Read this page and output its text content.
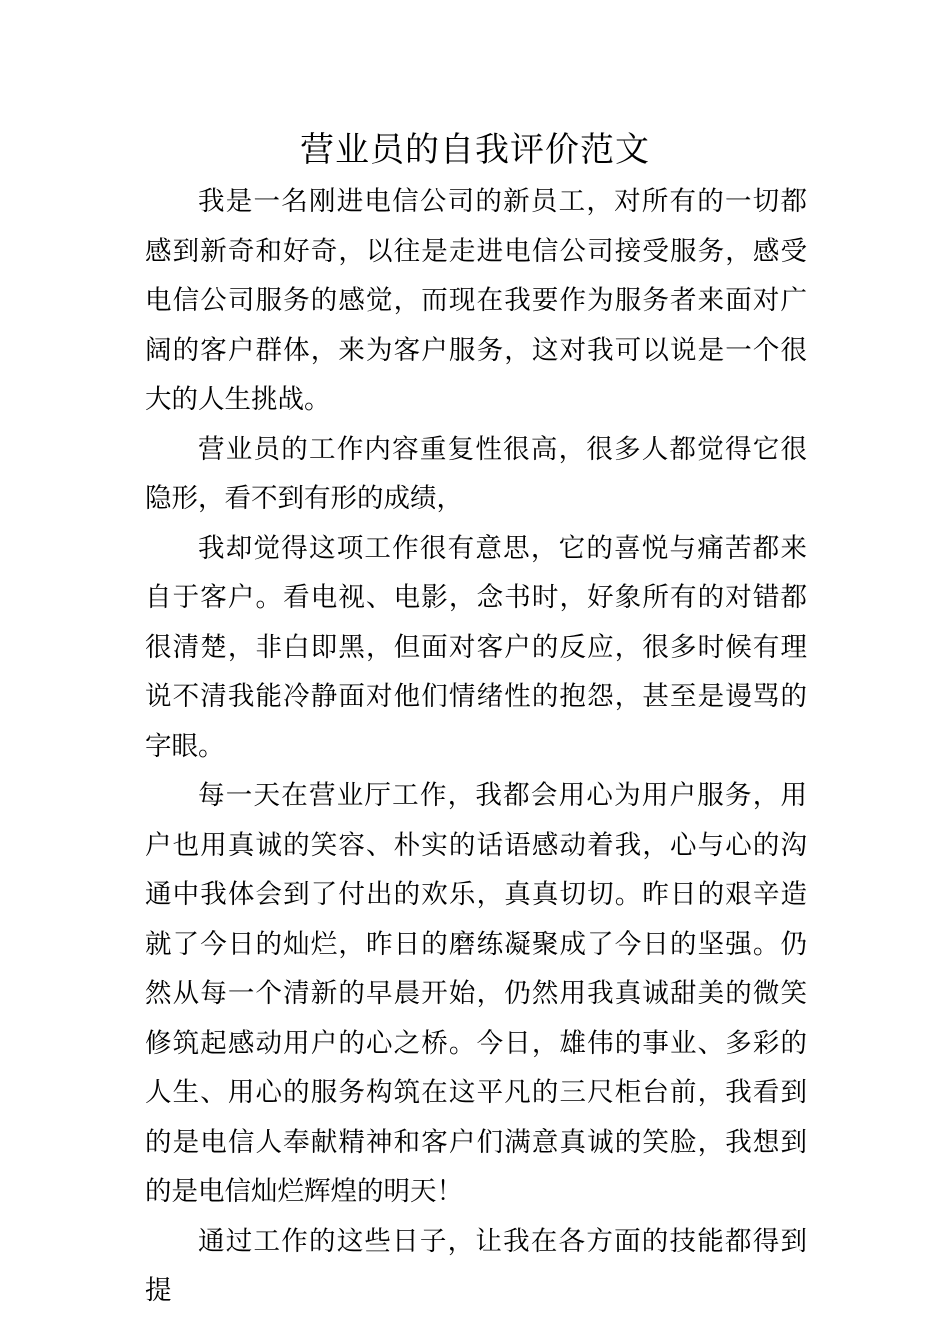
营业员的自我评价范文

我是一名刚进电信公司的新员工，对所有的一切都感到新奇和好奇，以往是走进电信公司接受服务，感受电信公司服务的感觉，而现在我要作为服务者来面对广阔的客户群体，来为客户服务，这对我可以说是一个很大的人生挑战。

营业员的工作内容重复性很高，很多人都觉得它很隐形，看不到有形的成绩，

我却觉得这项工作很有意思，它的喜悦与痛苦都来自于客户。看电视、电影，念书时，好象所有的对错都很清楚，非白即黑，但面对客户的反应，很多时候有理说不清我能冷静面对他们情绪性的抱怨，甚至是谩骂的字眼。

每一天在营业厅工作，我都会用心为用户服务，用户也用真诚的笑容、朴实的话语感动着我，心与心的沟通中我体会到了付出的欢乐，真真切切。昨日的艰辛造就了今日的灿烂，昨日的磨练凝聚成了今日的坚强。仍然从每一个清新的早晨开始，仍然用我真诚甜美的微笑修筑起感动用户的心之桥。今日，雄伟的事业、多彩的人生、用心的服务构筑在这平凡的三尺柜台前，我看到的是电信人奉献精神和客户们满意真诚的笑脸，我想到的是电信灿烂辉煌的明天！

通过工作的这些日子，让我在各方面的技能都得到提
